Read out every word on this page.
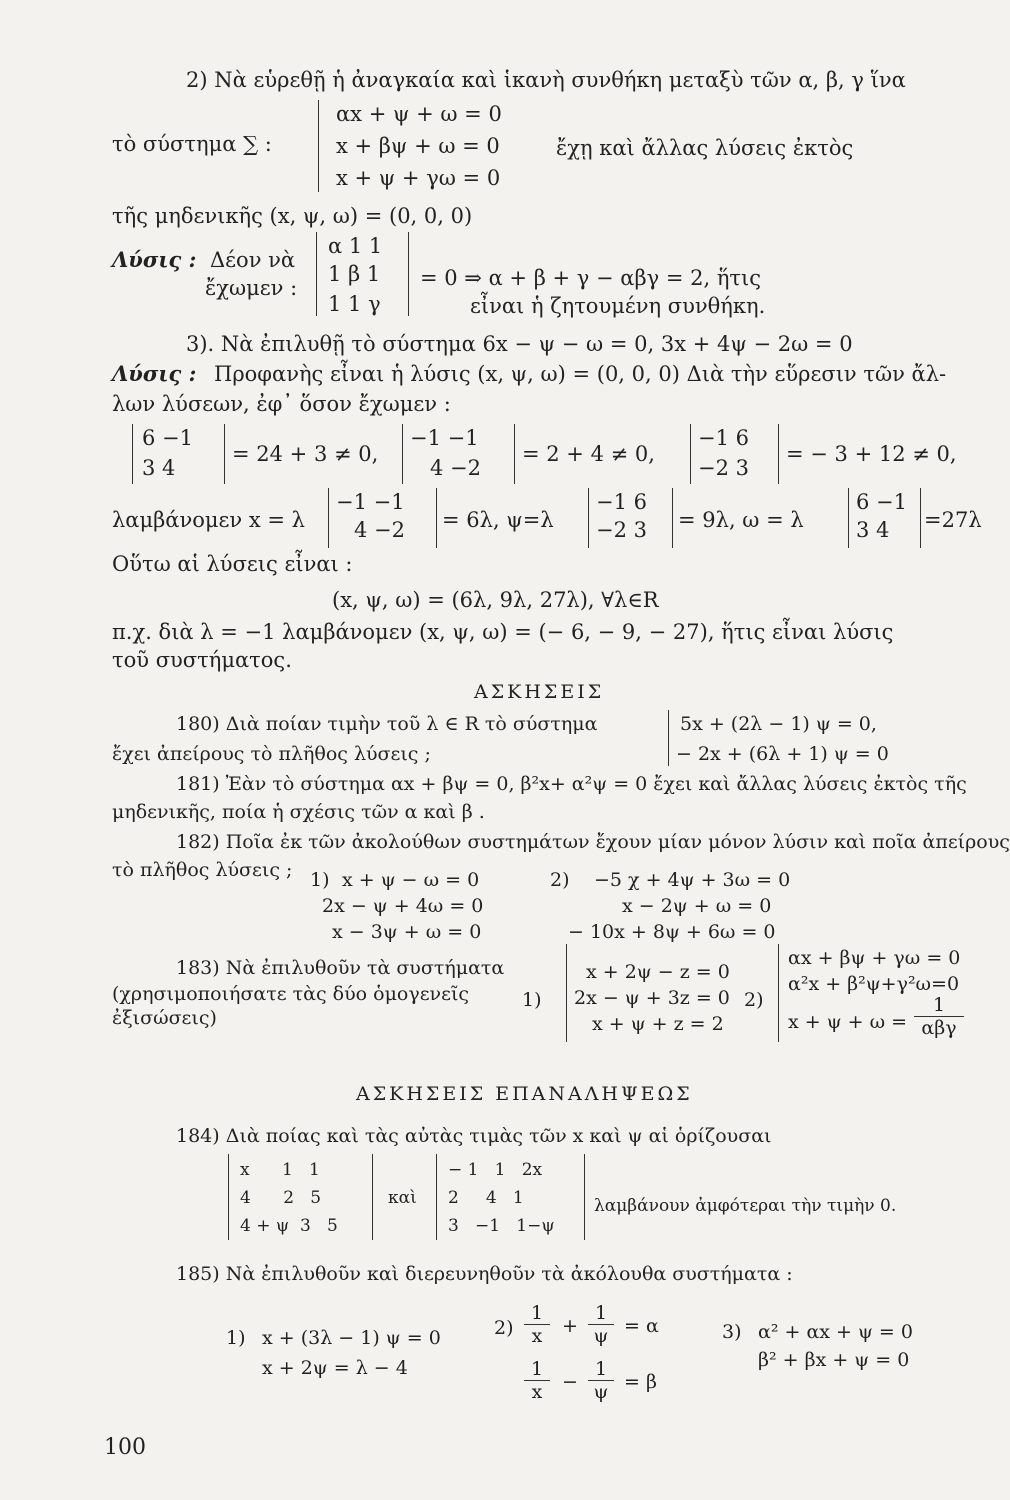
2) Νὰ εὑρεθῇ ἡ ἀναγκαία καὶ ἱκανὴ συνθήκη μεταξὺ τῶν α, β, γ ἵνα
τὸ σύστημα ∑ :
αx + ψ + ω = 0
x + βψ + ω = 0
x + ψ + γω = 0
ἔχῃ καὶ ἄλλας λύσεις ἐκτὸς
τῆς μηδενικῆς (x, ψ, ω) = (0, 0, 0)
Λύσις : Δέον νὰ
ἔχωμεν :
α 1 1
1 β 1
1 1 γ
= 0 ⇒ α + β + γ − αβγ = 2, ἥτις
εἶναι ἡ ζητουμένη συνθήκη.
3). Νὰ ἐπιλυθῇ τὸ σύστημα 6x − ψ − ω = 0, 3x + 4ψ − 2ω = 0
Λύσις : Προφανὴς εἶναι ἡ λύσις (x, ψ, ω) = (0, 0, 0) Διὰ τὴν εὕρεσιν τῶν ἄλ-
λων λύσεων, ἐφ᾽ ὅσον ἔχωμεν :
6 −1
3 4
= 24 + 3 ≠ 0,
−1 −1
4 −2
= 2 + 4 ≠ 0,
−1 6
−2 3
= − 3 + 12 ≠ 0,
λαμβάνομεν x = λ
−1 −1
4 −2 = 6λ, ψ=λ
−1 6
−2 3 = 9λ, ω = λ
6 −1
3 4 =27λ
Οὕτω αἱ λύσεις εἶναι :
(x, ψ, ω) = (6λ, 9λ, 27λ), ∀λ∈R
π.χ. διὰ λ = −1 λαμβάνομεν (x, ψ, ω) = (− 6, − 9, − 27), ἥτις εἶναι λύσις
τοῦ συστήματος.
ΑΣΚΗΣΕΙΣ
180) Διὰ ποίαν τιμὴν τοῦ λ ∈ R τὸ σύστημα
ἔχει ἀπείρους τὸ πλῆθος λύσεις ;
5x + (2λ − 1) ψ = 0,
− 2x + (6λ + 1) ψ = 0
181) Ἐὰν τὸ σύστημα αx + βψ = 0, β²x+ α²ψ = 0 ἔχει καὶ ἄλλας λύσεις ἐκτὸς τῆς
μηδενικῆς, ποία ἡ σχέσις τῶν α καὶ β .
182) Ποῖα ἐκ τῶν ἀκολούθων συστημάτων ἔχουν μίαν μόνον λύσιν καὶ ποῖα ἀπείρους
τὸ πλῆθος λύσεις ; 1) x + ψ − ω = 0
2x − ψ + 4ω = 0
x − 3ψ + ω = 0
2) −5 χ + 4ψ + 3ω = 0
x − 2ψ + ω = 0
− 10x + 8ψ + 6ω = 0
183) Νὰ ἐπιλυθοῦν τὰ συστήματα
(χρησιμοποιήσατε τὰς δύο ὁμογενεῖς
ἐξισώσεις)
1)
x + 2ψ − z = 0
2x − ψ + 3z = 0
x + ψ + z = 2
2)
αx + βψ + γω = 0
α²x + β²ψ+γ²ω=0
x + ψ + ω =
1
αβγ
ΑΣΚΗΣΕΙΣ ΕΠΑΝΑΛΗΨΕΩΣ
184) Διὰ ποίας καὶ τὰς αὐτὰς τιμὰς τῶν x καὶ ψ αἱ ὁρίζουσαι
x      1   1
4      2   5
4 + ψ  3   5
καὶ
− 1   1   2x
2     4   1
3   −1   1−ψ
λαμβάνουν ἀμφότεραι τὴν τιμὴν 0.
185) Νὰ ἐπιλυθοῦν καὶ διερευνηθοῦν τὰ ἀκόλουθα συστήματα :
1) x + (3λ − 1) ψ = 0
x + 2ψ = λ − 4
$2) \frac{1}{x} + \frac{1}{\psi} = \alpha$
$\frac{1}{x} - \frac{1}{\psi} = \beta$
3) α² + αx + ψ = 0
β² + βx + ψ = 0
100
